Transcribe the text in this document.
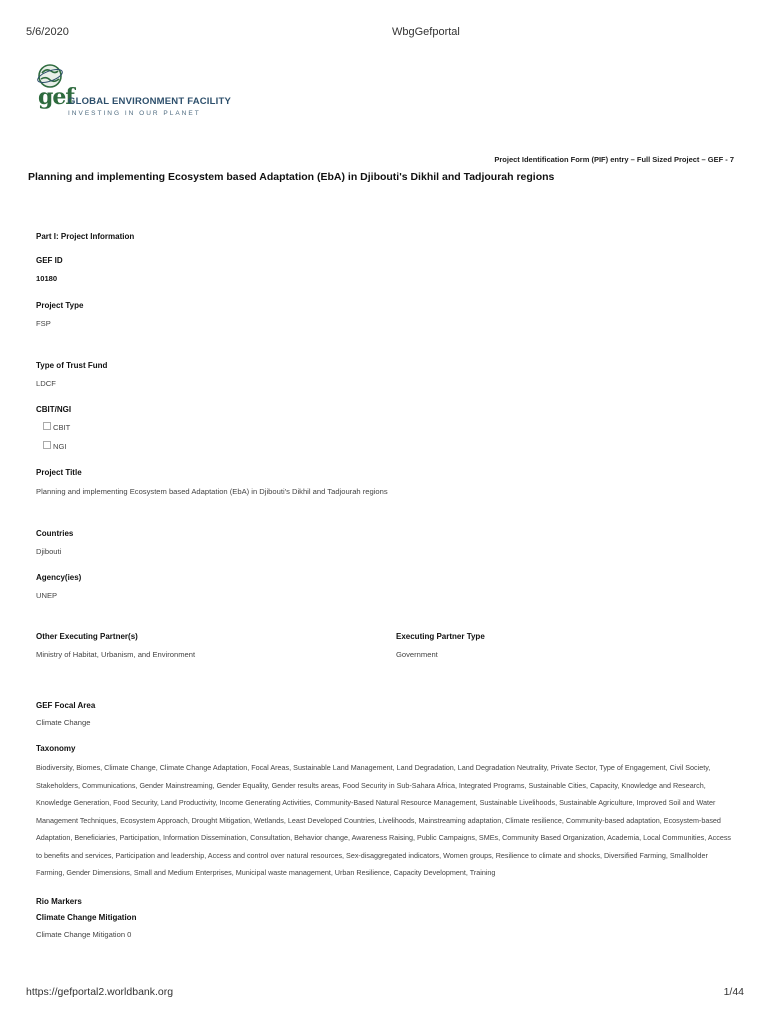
5/6/2020	WbgGefportal
gef
GLOBAL ENVIRONMENT FACILITY
INVESTING IN OUR PLANET
Project Identification Form (PIF) entry – Full Sized Project – GEF - 7
Planning and implementing Ecosystem based Adaptation (EbA) in Djibouti's Dikhil and Tadjourah regions
Part I: Project Information
GEF ID
10180
Project Type
FSP
Type of Trust Fund
LDCF
CBIT/NGI
CBIT
NGI
Project Title
Planning and implementing Ecosystem based Adaptation (EbA) in Djibouti's Dikhil and Tadjourah regions
Countries
Djibouti
Agency(ies)
UNEP
Other Executing Partner(s)
Ministry of Habitat, Urbanism, and Environment
Executing Partner Type
Government
GEF Focal Area
Climate Change
Taxonomy
Biodiversity, Biomes, Climate Change, Climate Change Adaptation, Focal Areas, Sustainable Land Management, Land Degradation, Land Degradation Neutrality, Private Sector, Type of Engagement, Civil Society, Stakeholders, Communications, Gender Mainstreaming, Gender Equality, Gender results areas, Food Security in Sub-Sahara Africa, Integrated Programs, Sustainable Cities, Capacity, Knowledge and Research, Knowledge Generation, Food Security, Land Productivity, Income Generating Activities, Community-Based Natural Resource Management, Sustainable Livelihoods, Sustainable Agriculture, Improved Soil and Water Management Techniques, Ecosystem Approach, Drought Mitigation, Wetlands, Least Developed Countries, Livelihoods, Mainstreaming adaptation, Climate resilience, Community-based adaptation, Ecosystem-based Adaptation, Beneficiaries, Participation, Information Dissemination, Consultation, Behavior change, Awareness Raising, Public Campaigns, SMEs, Community Based Organization, Academia, Local Communities, Access to benefits and services, Participation and leadership, Access and control over natural resources, Sex-disaggregated indicators, Women groups, Resilience to climate and shocks, Diversified Farming, Smallholder Farming, Gender Dimensions, Small and Medium Enterprises, Municipal waste management, Urban Resilience, Capacity Development, Training
Rio Markers
Climate Change Mitigation
Climate Change Mitigation 0
https://gefportal2.worldbank.org	1/44
